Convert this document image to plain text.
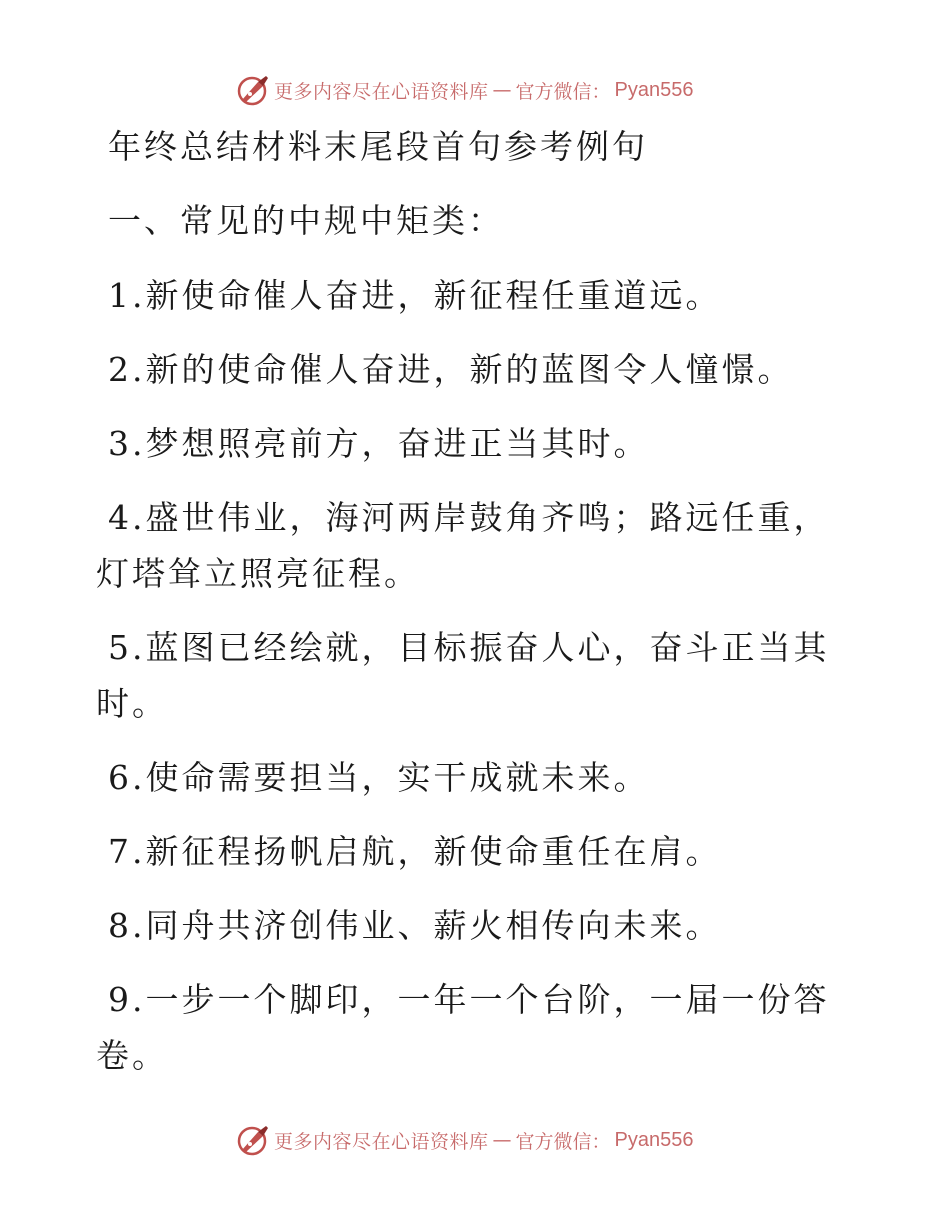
更多内容尽在心语资料库 — 官方微信： Pyan556
年终总结材料末尾段首句参考例句
一、常见的中规中矩类：
1.新使命催人奋进，新征程任重道远。
2.新的使命催人奋进，新的蓝图令人憧憬。
3.梦想照亮前方，奋进正当其时。
4.盛世伟业，海河两岸鼓角齐鸣；路远任重，灯塔耸立照亮征程。
5.蓝图已经绘就，目标振奋人心，奋斗正当其时。
6.使命需要担当，实干成就未来。
7.新征程扬帆启航，新使命重任在肩。
8.同舟共济创伟业、薪火相传向未来。
9.一步一个脚印，一年一个台阶，一届一份答卷。
更多内容尽在心语资料库 — 官方微信： Pyan556
